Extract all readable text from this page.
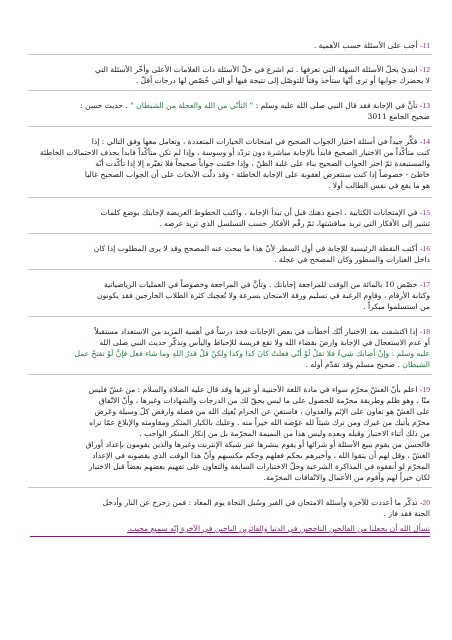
11- أجب على الأسئلة حسب الأهمية .

12- ابتدئ بحلّ الأسئلة السهلة التي تعرفها . ثم اشرع في حلّ الأسئلة ذات العلامات الأعلى وأخّر الأسئلة التي

لا يحضرك جوابها أو ترى أنّها ستأخذ وقتاً للتوصّل إلى نتيجة فيها أو التي خُصّص لها درجات أقلّ .

13- تأنَّ في الإجابة فقد قال النبي صلى الله عليه وسلم : " التأنّي من الله والعجلة من الشيطان " . حديث حسن :

صحيح الجامع 3011

14- فكِّر جيداً في أسئلة اختيار الجواب الصحيح في امتحانات الخيارات المتعددة ، وتعامل معها وفق التالي : إذا

كنت متأكّداً من الاختيار الصحيح فابدأ بالإجابة مباشرة دون تردّد أو وسوسة ، وإذا لم تكن متأكّداً فابدأ بحذف الاحتمالات الخاطئة

والمستبعدة ثمّ اختر الجواب الصحيح بناء على غلبة الظنّ ، وإذا خمّنت جواباً صحيحاً فلا تغيّره إلا إذا تأكّدت أنّه

خاطئ - خصوصاً إذا كنت ستتعرض لعقوبة على الإجابة الخاطئة - وقد دلّت الأبحاث على أن الجواب الصحيح غالبا

هو ما يقع في نفس الطالب أولا .

15- في الإمتحانات الكتابية ، اجمع ذهنك قبل أن تبدأ الإجابة ، واكتب الخطوط العريضة لإجابتك بوضع كلمات

تشير إلى الأفكار التي تريد مناقشتها، ثمّ رقّم الأفكار حسب التسلسل الذي تريد عرضه .

16- أكتب النقطة الرئيسية للإجابة في أول السطر لأنّ هذا ما يبحث عنه المصحح وقد لا يرى المطلوب إذا كان

داخل العبارات والسطور وكان المصحح في عجلة .

17- خصّص 10 بالمائة من الوقت للمراجعة إجاباتك . وتأنَّ في المراجعة وخصوصاً في العمليات الرياضياتية

وكتابة الأرقام ، وقاوم الرغبة في تسليم ورقة الامتحان بسرعة ولا تُعجبك كثرة الطلاب الخارجين فقد يكونون

من استسلموا مبكراً .

18- إذا اكتشفت بعد الاختبار أنّك أخطأت في بعض الإجابات فخذ درساً في أهمية المزيد من الاستعداد مستقبلاً

أو عدم الاستعجال في الإجابة وارضَ بقضاء الله ولا تقع فريسة للإحباط واليأس وتذكّر حديث النبي صلى الله

عليه وسلم : وإنْ أصابك شيءٌ فلا تقلْ لَوْ أنّي فعلتُ كانَ كذا وكذا ولكنْ قلْ قدرُ اللهِ وما شاء فعل فإنَّ لَوْ تفتحُ عمل

الشيطان . صحيح مسلم وقد تقدّم أوله .

19- اعلم بأنّ الغشّ محرّم سواء في مادة اللغة الأجنبية أو غيرها وقد قال عليه الصلاة والسلام : من غشّ فليس

منّا ، وهو ظلم وطريقة محرّمة للحصول على ما ليس يحقّ لك من الدرجات والشهادات وغيرها ، وأنّ الاتّفاق

على الغشّ هو تعاون على الإثم والعدوان ، فاستغنِ عن الحرام يُغنِك الله من فضله وارفض كلّ وسيلة وعَرض

محرّم يأتيك من غيرك ومن ترك شيئاً لله عوّضه الله خيراً منه . وعليك بالكبار المنكر ومقاومته والإبلاغ عمّا تراه

من ذلك أثناء الاختبار وقبله وبعده وليس هذا من النميمة المحرّمة بل من إنكار المنكر الواجب .

فالحسن من يقوم ببيع الأسئلة أو شرائها أو يقوم بنشرها عبر شبكة الإنترنت وغيرها والذين يقومون بإعداد أوراق

الغشّ ، وقل لهم أن يتقوا الله ، وأخبرهم بحكم فعلهم وحكم مكسبهم وأنّ هذا الوقت الذي يقضونه في الإعداد

المحرّم لو أنفقوه في المذاكرة الشرعية وحلّ الاختبارات السابقة والتعاون على تفهيم بعضهم بعضاً قبل الاختبار

لكان خيراً لهم وأقوم من الأعمال والاتّفاقات المحرّمة.

20- تذكّر ما أعددت للآخرة وأسئلة الامتحان في القبر وسُبل النجاة يوم المعاد : فمن زحزح عن النار وأدخل

الجنة فقد فاز .

نسأل الله أن يجعلنا من الفالحين الناجحين في الدنيا والفائزين الناجين في الآخرة إنّه سميع مجيب.
